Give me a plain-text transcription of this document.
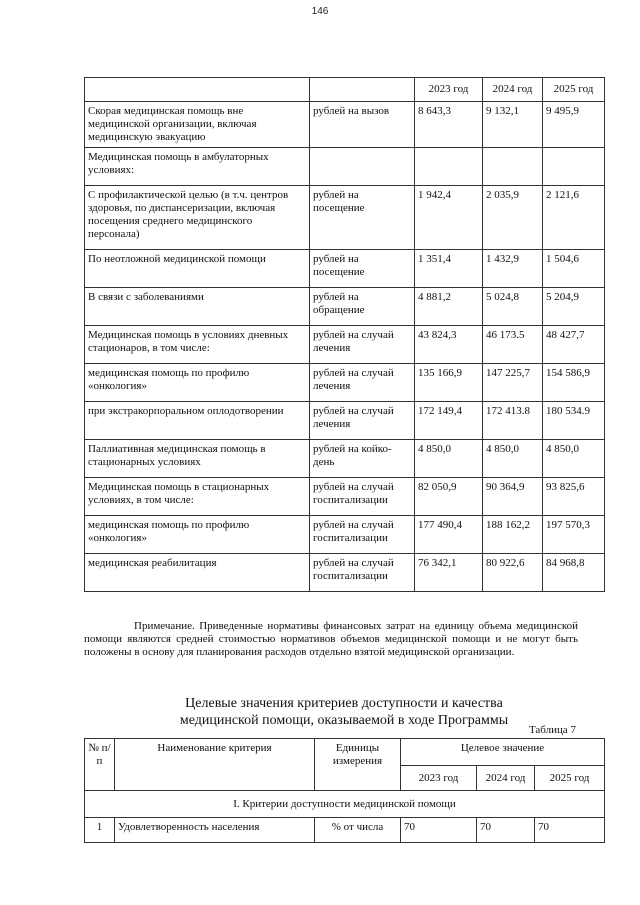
146
		2023 год	2024 год	2025 год
Скорая медицинская помощь вне медицинской организации, включая медицинскую эвакуацию	рублей на вызов	8 643,3	9 132,1	9 495,9
Медицинская помощь в амбулаторных условиях:				
С профилактической целью (в т.ч. центров здоровья, по диспансеризации, включая посещения среднего медицинского персонала)	рублей на посещение	1 942,4	2 035,9	2 121,6
По неотложной медицинской помощи	рублей на посещение	1 351,4	1 432,9	1 504,6
В связи с заболеваниями	рублей на обращение	4 881,2	5 024,8	5 204,9
Медицинская помощь в условиях дневных стационаров, в том числе:	рублей на случай лечения	43 824,3	46 173.5	48 427,7
медицинская помощь по профилю «онкология»	рублей на случай лечения	135 166,9	147 225,7	154 586,9
при экстракорпоральном оплодотворении	рублей на случай лечения	172 149,4	172 413.8	180 534.9
Паллиативная медицинская помощь в стационарных условиях	рублей на койко-день	4 850,0	4 850,0	4 850,0
Медицинская помощь в стационарных условиях, в том числе:	рублей на случай госпитализации	82 050,9	90 364,9	93 825,6
медицинская помощь по профилю «онкология»	рублей на случай госпитализации	177 490,4	188 162,2	197 570,3
медицинская реабилитация	рублей на случай госпитализации	76 342,1	80 922,6	84 968,8

Примечание. Приведенные нормативы финансовых затрат на единицу объема медицинской помощи являются средней стоимостью нормативов объемов медицинской помощи и не могут быть положены в основу для планирования расходов отдельно взятой медицинской организации.

Целевые значения критериев доступности и качества
медицинской помощи, оказываемой в ходе Программы
Таблица 7
№ п/п	Наименование критерия	Единицы измерения	Целевое значение		
			2023 год	2024 год	2025 год
I. Критерии доступности медицинской помощи					
1	Удовлетворенность населения	% от числа	70	70	70
